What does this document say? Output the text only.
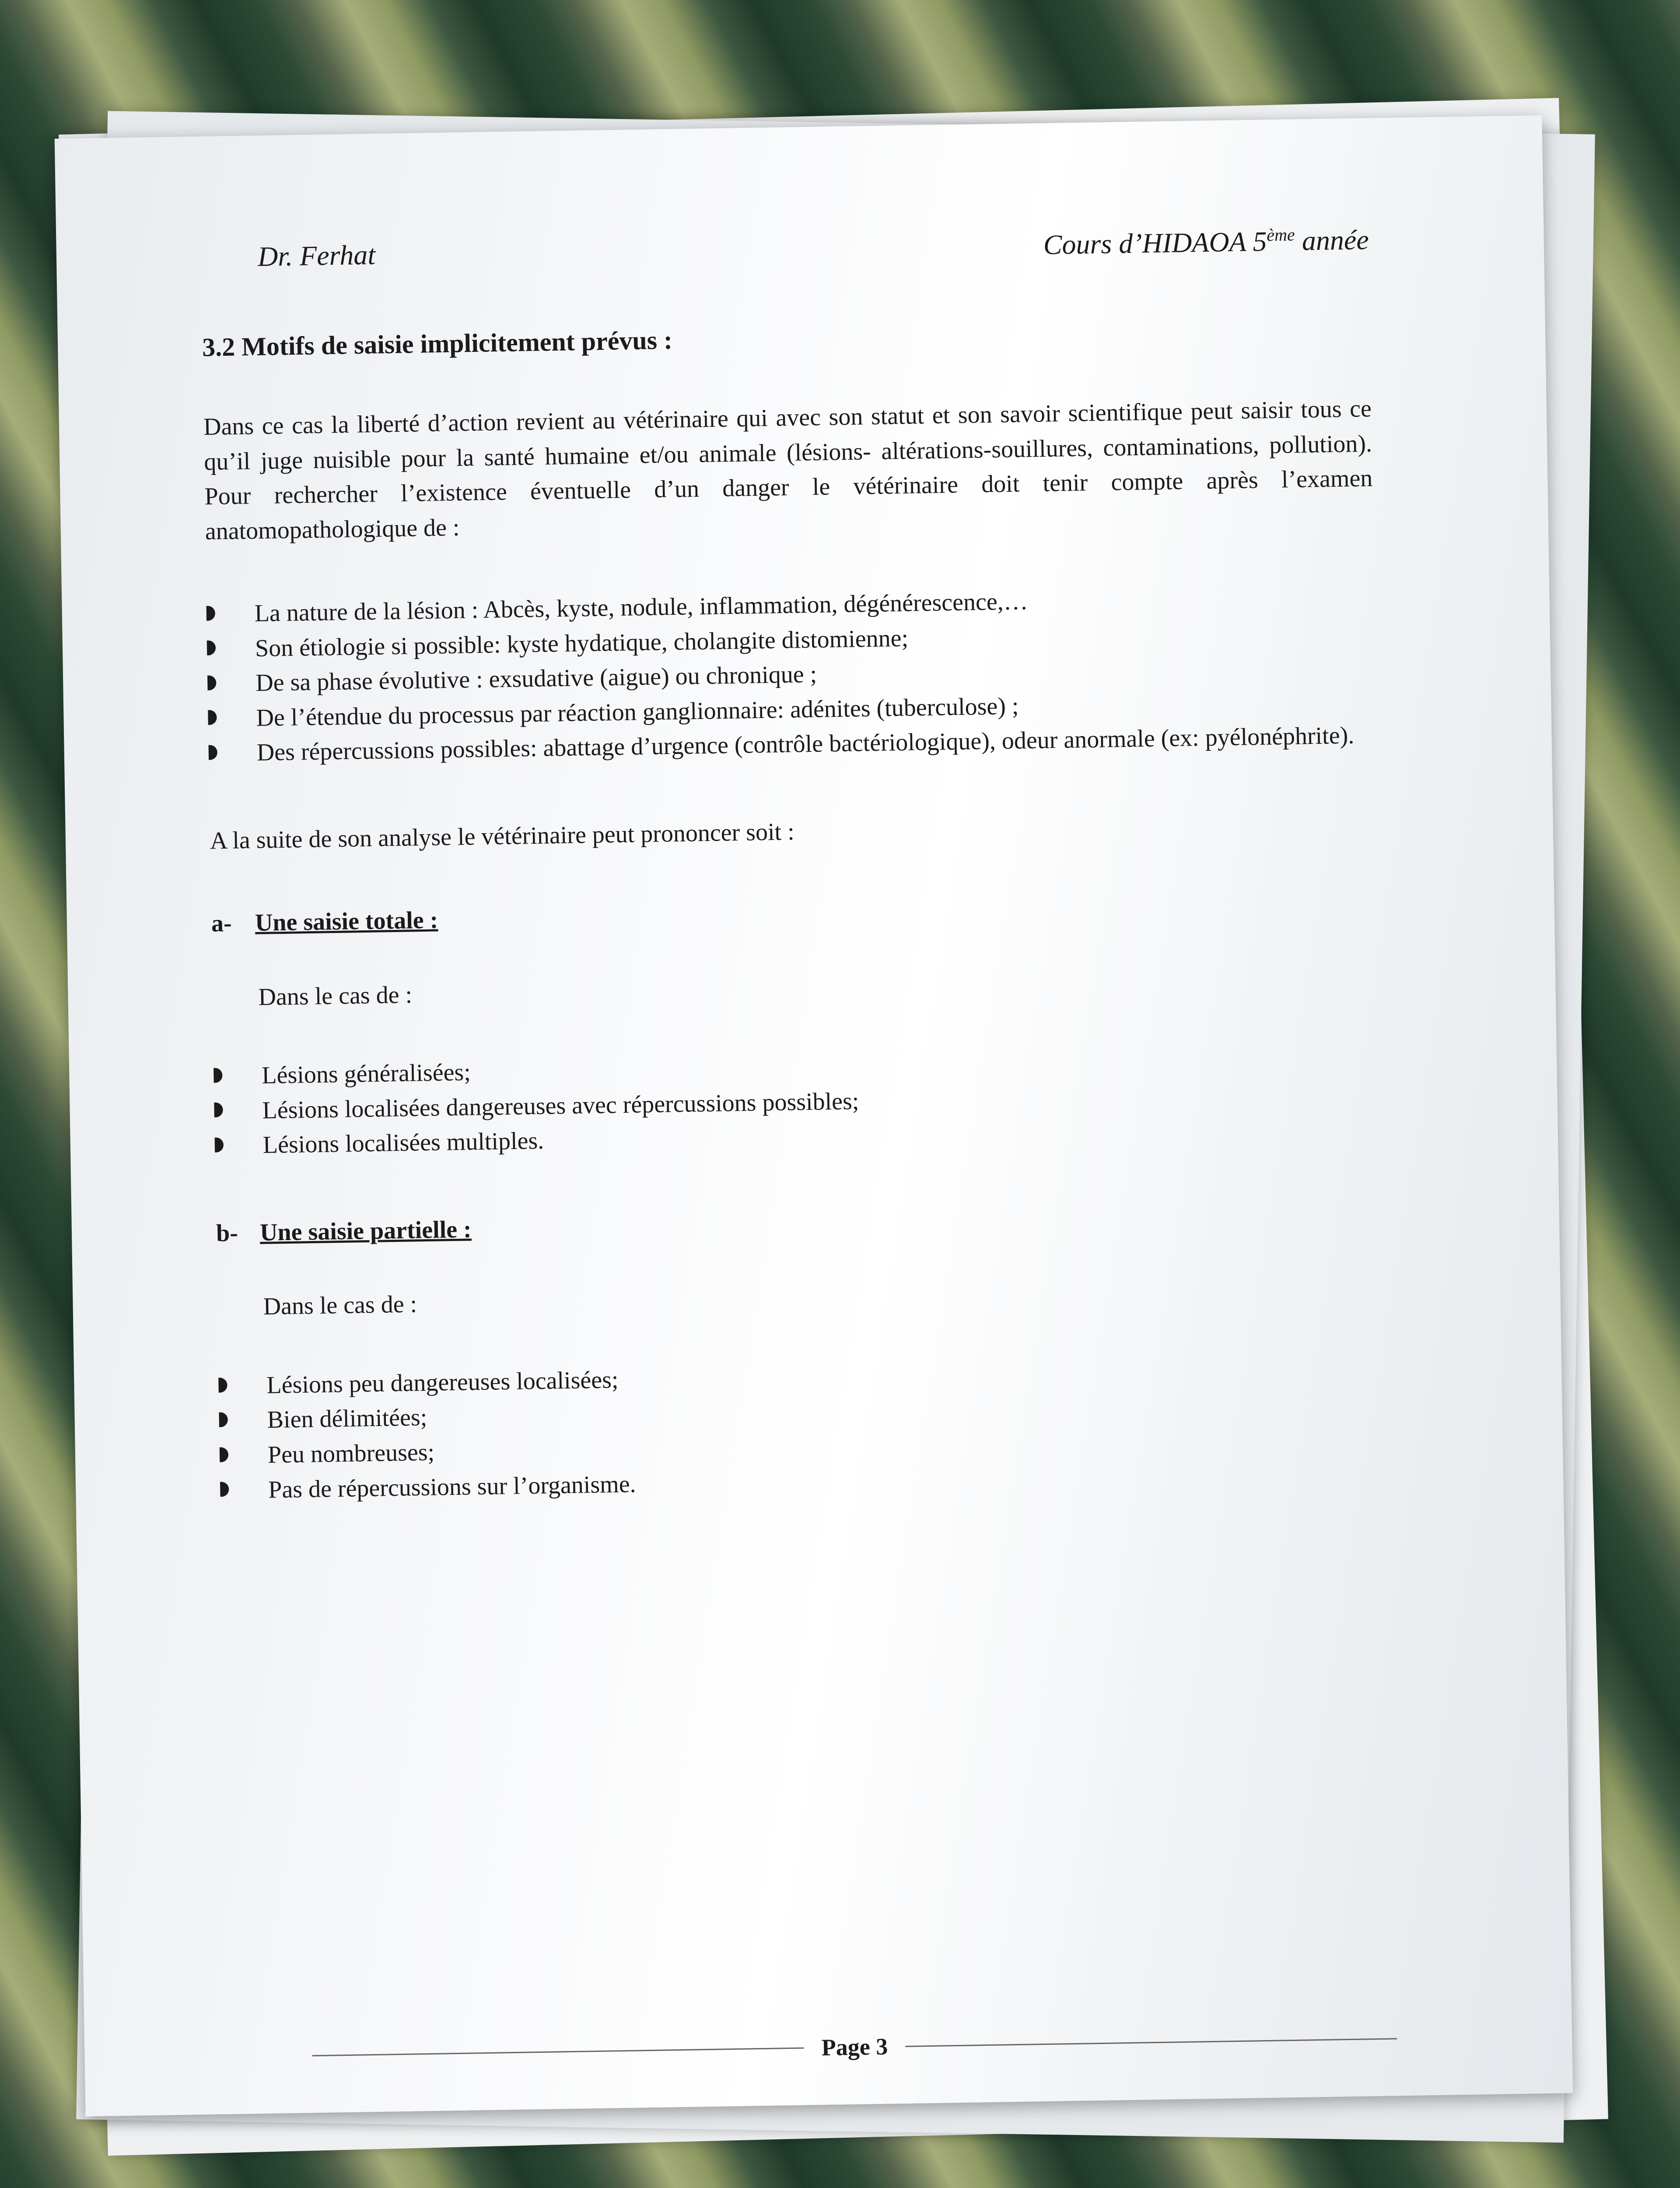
Dr. Ferhat	Cours d’HIDAOA 5ème année
3.2 Motifs de saisie implicitement prévus :

Dans ce cas la liberté d’action revient au vétérinaire qui avec son statut et son savoir scientifique peut saisir tous ce qu’il juge nuisible pour la santé humaine et/ou animale (lésions- altérations-souillures, contaminations, pollution). Pour rechercher l’existence éventuelle d’un danger le vétérinaire doit tenir compte après l’examen anatomopathologique de :

La nature de la lésion : Abcès, kyste, nodule, inflammation, dégénérescence,…
Son étiologie si possible: kyste hydatique, cholangite distomienne;
De sa phase évolutive : exsudative (aigue) ou chronique ;
De l’étendue du processus par réaction ganglionnaire: adénites (tuberculose) ;
Des répercussions possibles: abattage d’urgence (contrôle bactériologique), odeur anormale (ex: pyélonéphrite).

A la suite de son analyse le vétérinaire peut prononcer soit :

a- Une saisie totale :

Dans le cas de :

Lésions généralisées;
Lésions localisées dangereuses avec répercussions possibles;
Lésions localisées multiples.
b- Une saisie partielle :

Dans le cas de :

Lésions peu dangereuses localisées;
Bien délimitées;
Peu nombreuses;
Pas de répercussions sur l’organisme.
Page 3
